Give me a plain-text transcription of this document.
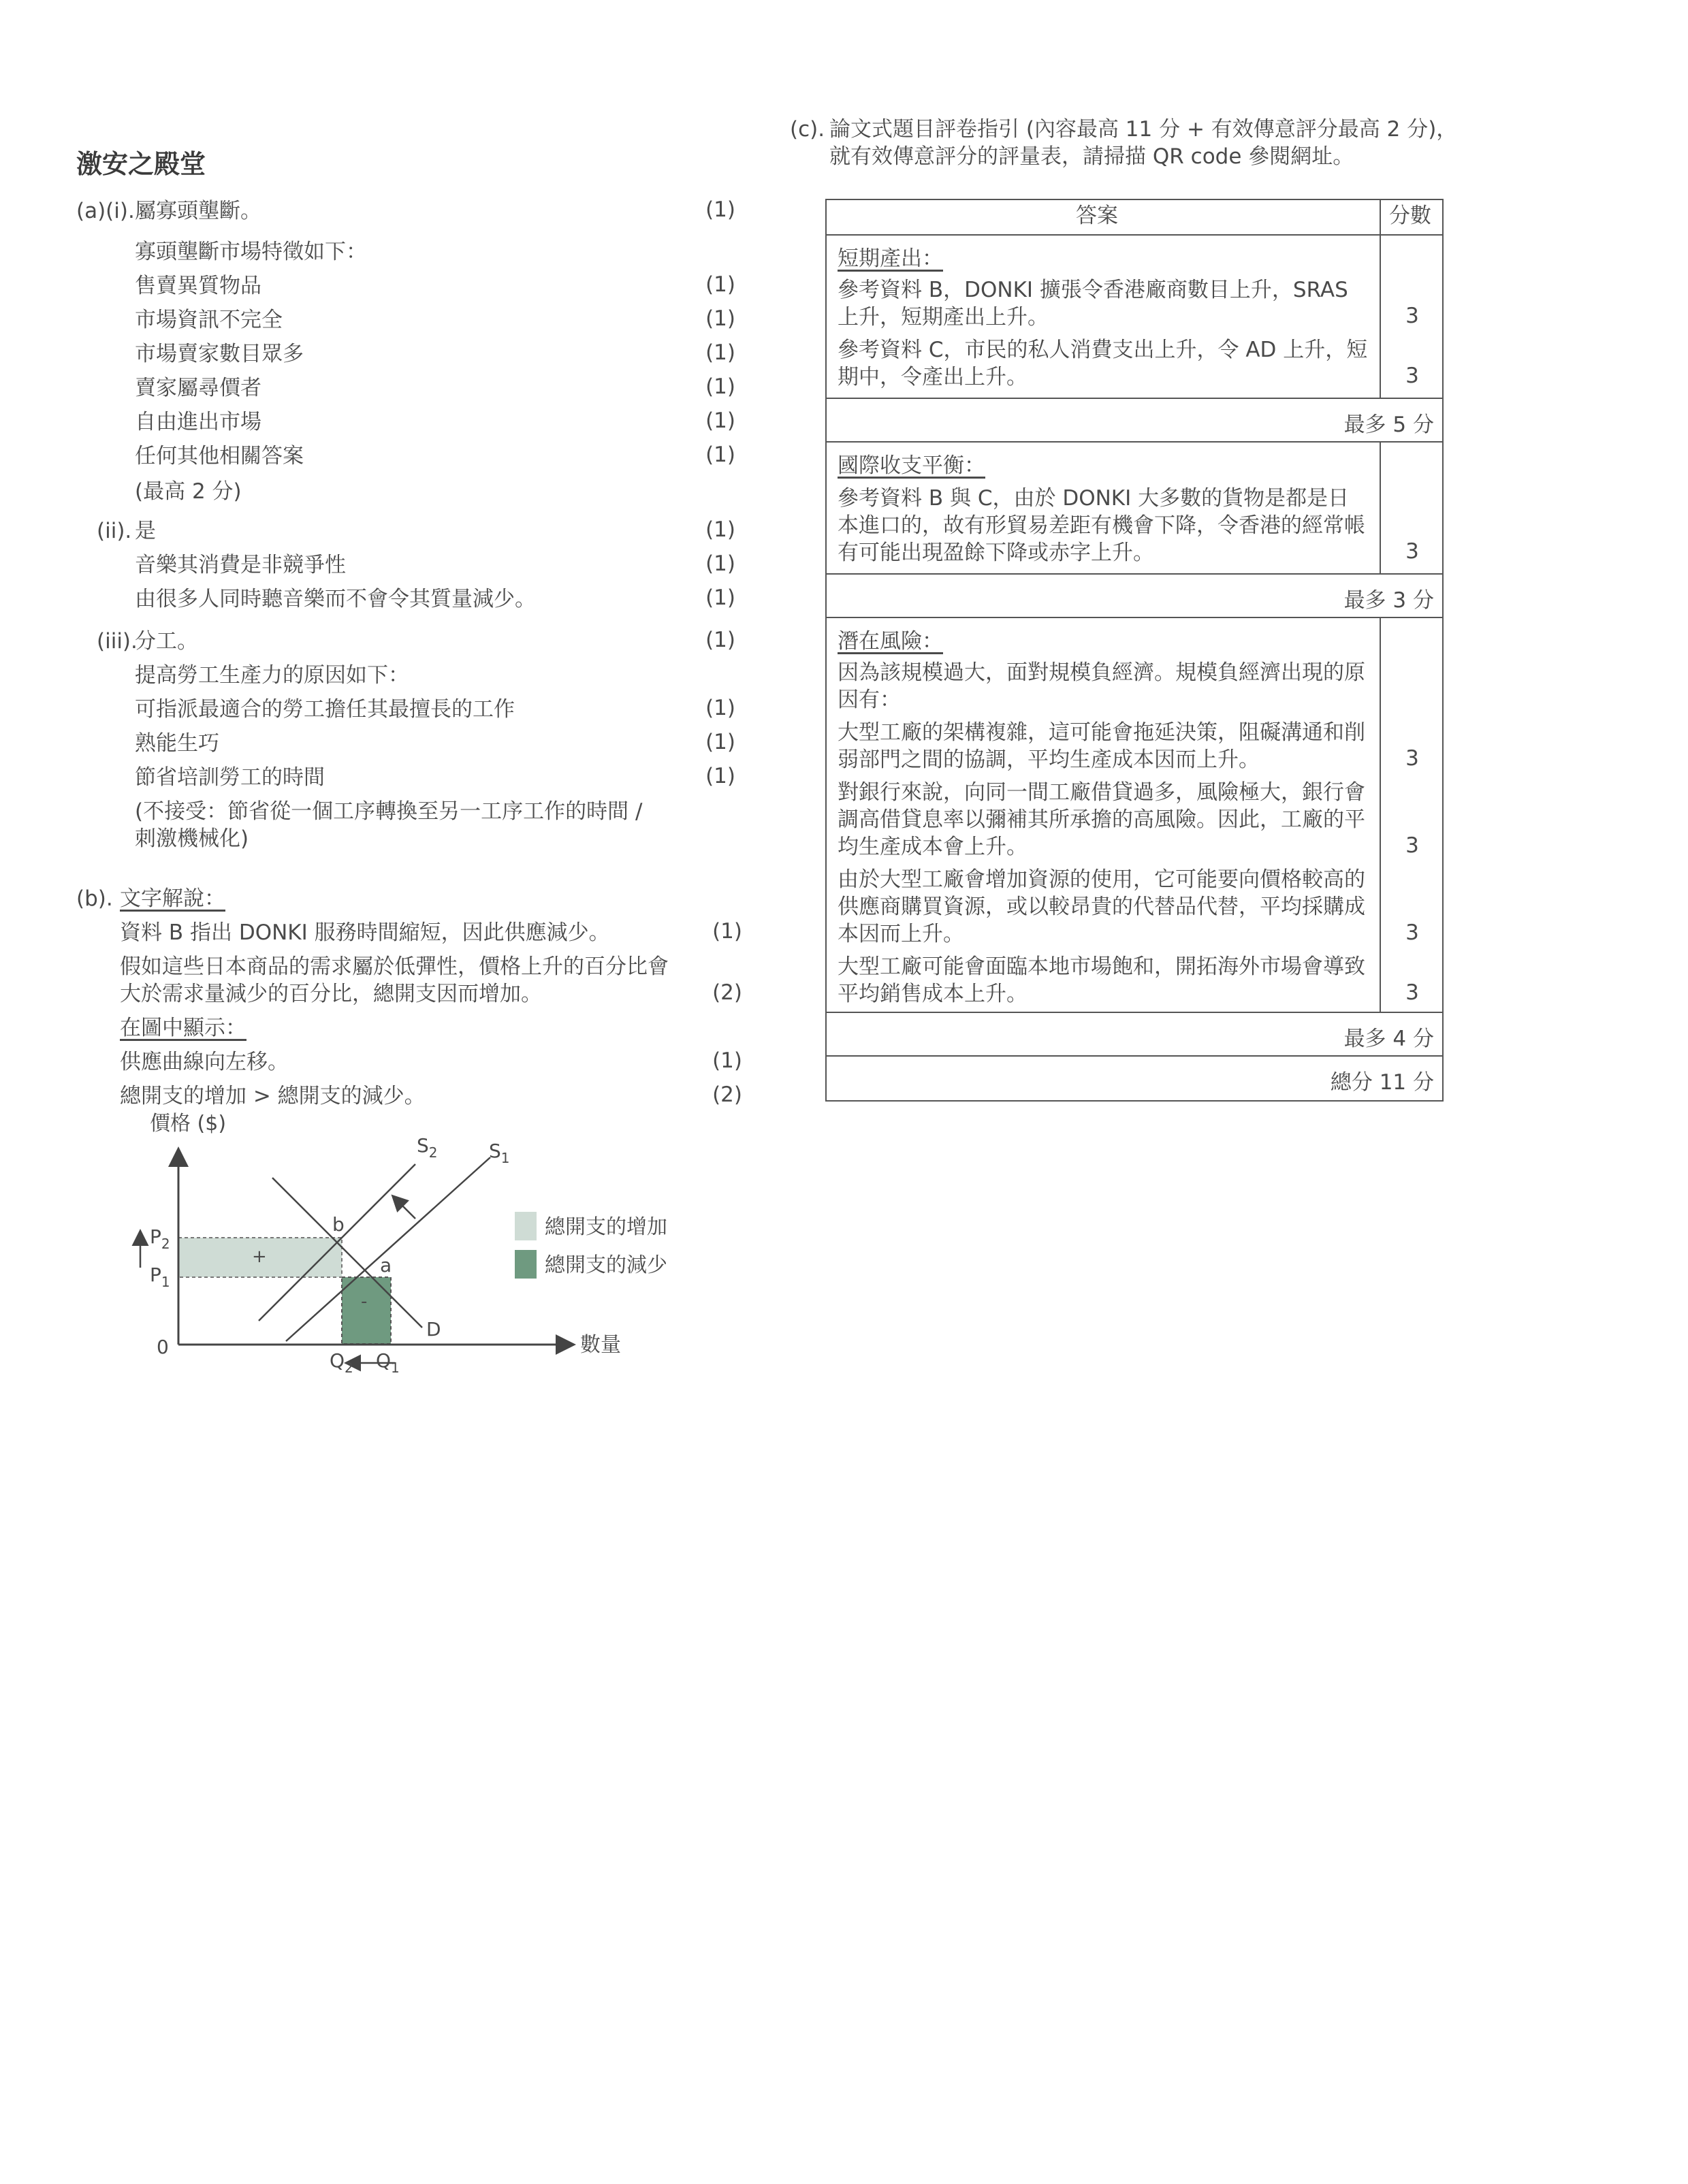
激安之殿堂
(a)(i). 屬寡頭壟斷。	(1)
寡頭壟斷市場特徵如下：
售賣異質物品	(1)
市場資訊不完全	(1)
市場賣家數目眾多	(1)
賣家屬尋價者	(1)
自由進出市場	(1)
任何其他相關答案	(1)
(最高 2 分)
(ii). 是	(1)
音樂其消費是非競爭性	(1)
由很多人同時聽音樂而不會令其質量減少。	(1)
(iii).
分工。	(1)
提高勞工生產力的原因如下：
可指派最適合的勞工擔任其最擅長的工作	(1)
熟能生巧	(1)
節省培訓勞工的時間	(1)
(不接受：節省從一個工序轉換至另一工序工作的時間 /
刺激機械化)
(b). 文字解說：
資料 B 指出 DONKI 服務時間縮短，因此供應減少。	(1)
假如這些日本商品的需求屬於低彈性，價格上升的百分比會
大於需求量減少的百分比，總開支因而增加。	(2)
在圖中顯示：
供應曲線向左移。	(1)
總開支的增加 > 總開支的減少。	(2)
價格 ($)
數量
0
$P_2$
$P_1$
$Q_2$ $Q_1$
$S_1$
$S_2$
D
a
b
+
-
總開支的增加
總開支的減少
(c). 論文式題目評卷指引 (內容最高 11 分 + 有效傳意評分最高 2 分)，
就有效傳意評分的評量表，請掃描 QR code 參閱網址。
答案	分數
短期產出：
參考資料 B，DONKI 擴張令香港廠商數目上升，SRAS 上升，短期產出上升。	3
參考資料 C，市民的私人消費支出上升，令 AD 上升，短期中，令產出上升。	3
最多 5 分
國際收支平衡：
參考資料 B 與 C，由於 DONKI 大多數的貨物是都是日本進口的，故有形貿易差距有機會下降，令香港的經常帳有可能出現盈餘下降或赤字上升。	3
最多 3 分
潛在風險：
因為該規模過大，面對規模負經濟。規模負經濟出現的原因有：
大型工廠的架構複雜，這可能會拖延決策，阻礙溝通和削弱部門之間的協調，平均生產成本因而上升。	3
對銀行來說，向同一間工廠借貸過多，風險極大，銀行會調高借貸息率以彌補其所承擔的高風險。因此，工廠的平均生產成本會上升。	3
由於大型工廠會增加資源的使用，它可能要向價格較高的供應商購買資源，或以較昂貴的代替品代替，平均採購成本因而上升。	3
大型工廠可能會面臨本地市場飽和，開拓海外市場會導致平均銷售成本上升。	3
最多 4 分
總分 11 分
